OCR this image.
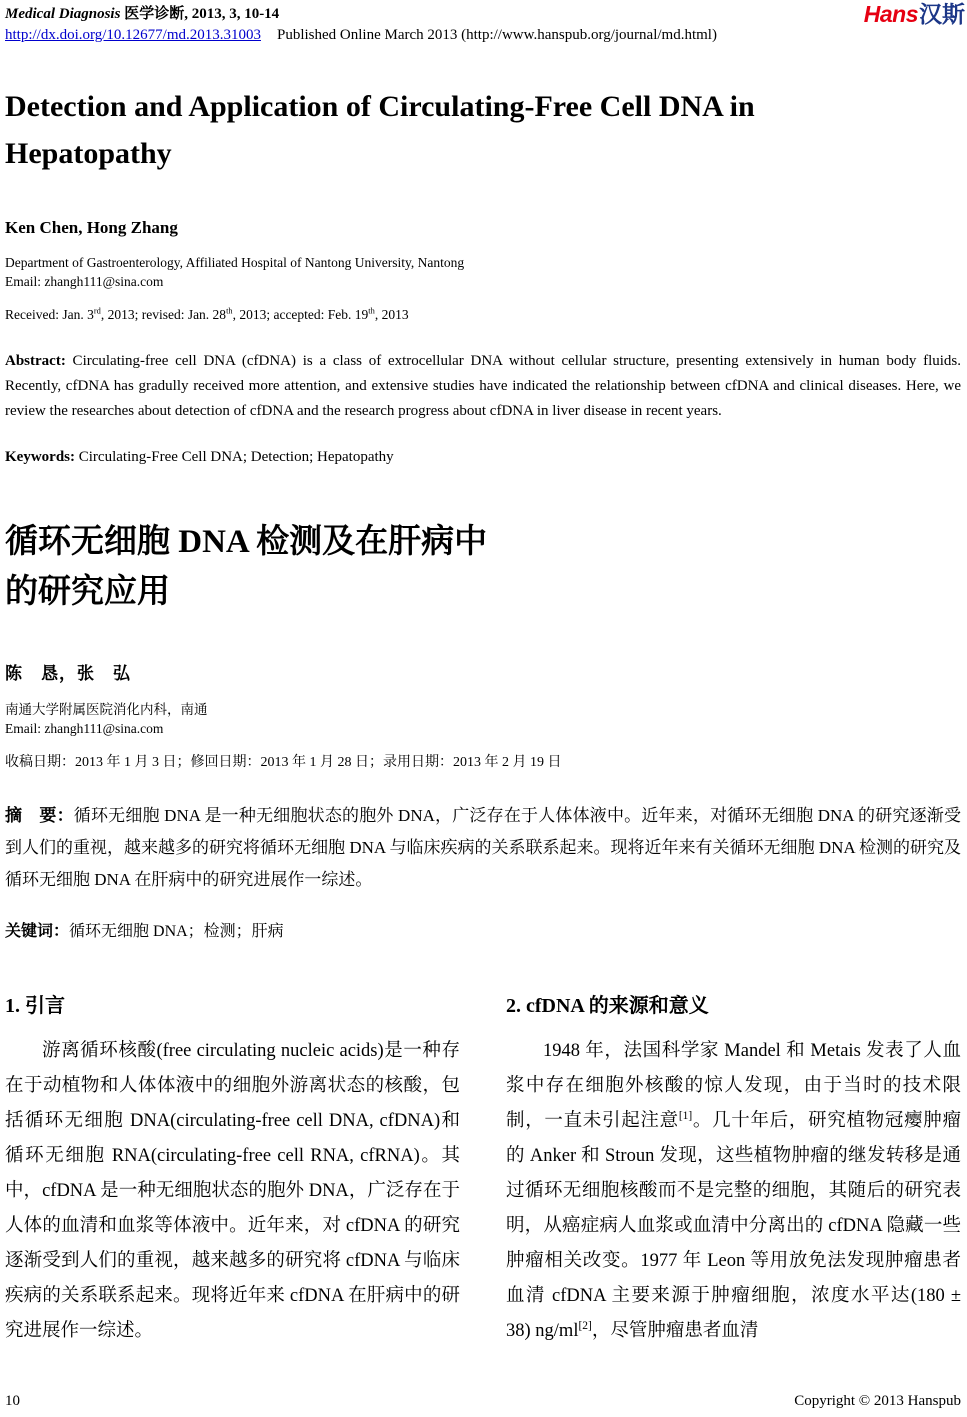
Medical Diagnosis 医学诊断, 2013, 3, 10-14
http://dx.doi.org/10.12677/md.2013.31003 Published Online March 2013 (http://www.hanspub.org/journal/md.html)
Hans汉斯
Detection and Application of Circulating-Free Cell DNA in
Hepatopathy
Ken Chen, Hong Zhang
Department of Gastroenterology, Affiliated Hospital of Nantong University, Nantong
Email: zhangh111@sina.com
Received: Jan. 3rd, 2013; revised: Jan. 28th, 2013; accepted: Feb. 19th, 2013

Abstract: Circulating-free cell DNA (cfDNA) is a class of extrocellular DNA without cellular structure, presenting extensively in human body fluids. Recently, cfDNA has gradully received more attention, and extensive studies have indicated the relationship between cfDNA and clinical diseases. Here, we review the researches about detection of cfDNA and the research progress about cfDNA in liver disease in recent years.

Keywords: Circulating-Free Cell DNA; Detection; Hepatopathy

循环无细胞 DNA 检测及在肝病中
的研究应用
陈　恳，张　弘
南通大学附属医院消化内科，南通
Email: zhangh111@sina.com
收稿日期：2013 年 1 月 3 日；修回日期：2013 年 1 月 28 日；录用日期：2013 年 2 月 19 日

摘　要：循环无细胞 DNA 是一种无细胞状态的胞外 DNA，广泛存在于人体体液中。近年来，对循环无细胞 DNA 的研究逐渐受到人们的重视，越来越多的研究将循环无细胞 DNA 与临床疾病的关系联系起来。现将近年来有关循环无细胞 DNA 检测的研究及循环无细胞 DNA 在肝病中的研究进展作一综述。

关键词：循环无细胞 DNA；检测；肝病

1. 引言

游离循环核酸(free circulating nucleic acids)是一种存在于动植物和人体体液中的细胞外游离状态的核酸，包括循环无细胞 DNA(circulating-free cell DNA, cfDNA)和循环无细胞 RNA(circulating-free cell RNA, cfRNA)。其中，cfDNA 是一种无细胞状态的胞外 DNA，广泛存在于人体的血清和血浆等体液中。近年来，对 cfDNA 的研究逐渐受到人们的重视，越来越多的研究将 cfDNA 与临床疾病的关系联系起来。现将近年来 cfDNA 在肝病中的研究进展作一综述。

2. cfDNA 的来源和意义

1948 年，法国科学家 Mandel 和 Metais 发表了人血浆中存在细胞外核酸的惊人发现，由于当时的技术限制，一直未引起注意[1]。几十年后，研究植物冠瘿肿瘤的 Anker 和 Stroun 发现，这些植物肿瘤的继发转移是通过循环无细胞核酸而不是完整的细胞，其随后的研究表明，从癌症病人血浆或血清中分离出的 cfDNA 隐藏一些肿瘤相关改变。1977 年 Leon 等用放免法发现肿瘤患者血清 cfDNA 主要来源于肿瘤细胞，浓度水平达(180 ± 38) ng/ml[2]，尽管肿瘤患者血清

10	Copyright © 2013 Hanspub
